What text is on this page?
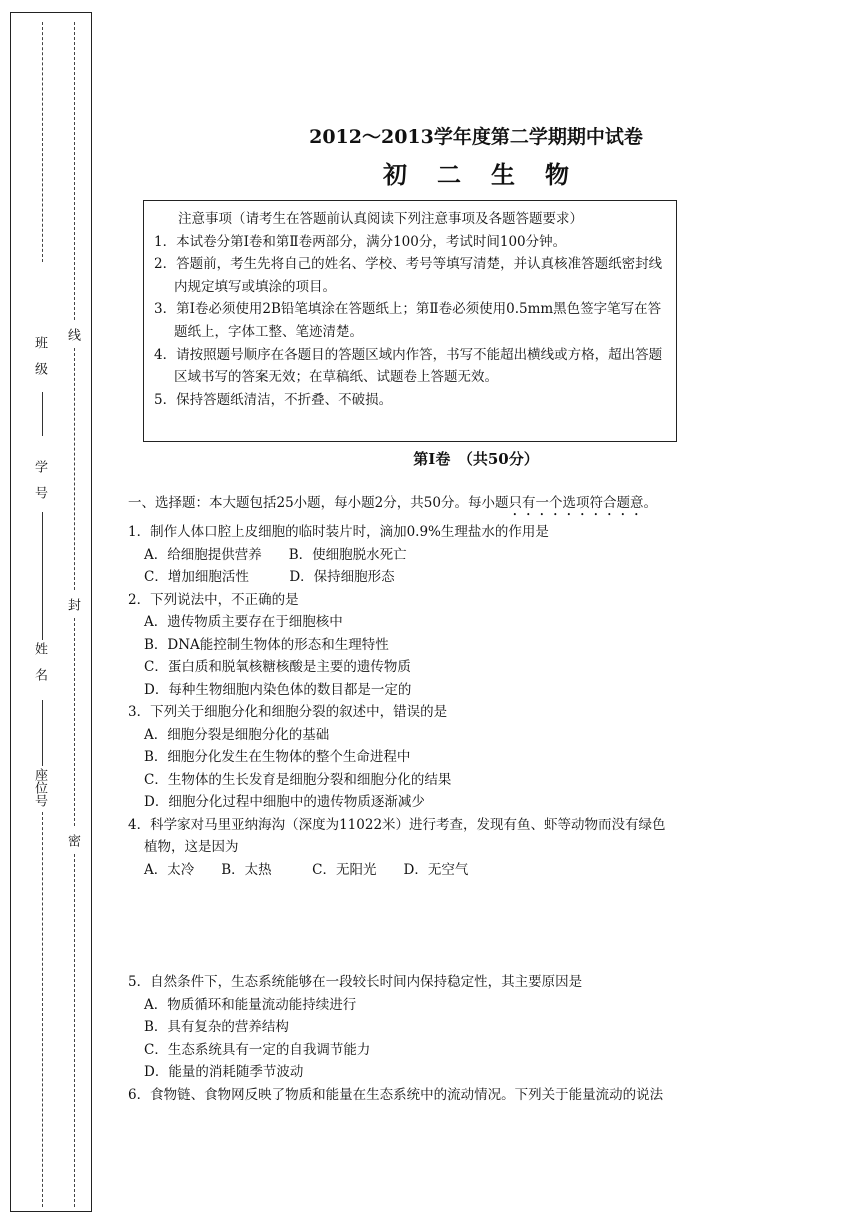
班　级
学　号
姓　名
座位号
线
封
密
2012～2013学年度第二学期期中试卷
初二生物
注意事项（请考生在答题前认真阅读下列注意事项及各题答题要求）
1．本试卷分第Ⅰ卷和第Ⅱ卷两部分，满分100分，考试时间100分钟。
2．答题前，考生先将自己的姓名、学校、考号等填写清楚，并认真核准答题纸密封线内规定填写或填涂的项目。
3．第Ⅰ卷必须使用2B铅笔填涂在答题纸上；第Ⅱ卷必须使用0.5mm黑色签字笔写在答题纸上，字体工整、笔迹清楚。
4．请按照题号顺序在各题目的答题区域内作答，书写不能超出横线或方格，超出答题区域书写的答案无效；在草稿纸、试题卷上答题无效。
5．保持答题纸清洁，不折叠、不破损。
第Ⅰ卷　（共50分）
一、选择题：本大题包括25小题，每小题2分，共50分。每小题只有一个选项符合题意。

1．制作人体口腔上皮细胞的临时装片时，滴加0.9%生理盐水的作用是

A．给细胞提供营养　　B．使细胞脱水死亡
C．增加细胞活性　　　D．保持细胞形态

2．下列说法中，不正确的是

A．遗传物质主要存在于细胞核中
B．DNA能控制生物体的形态和生理特性
C．蛋白质和脱氧核糖核酸是主要的遗传物质
D．每种生物细胞内染色体的数目都是一定的

3．下列关于细胞分化和细胞分裂的叙述中，错误的是

A．细胞分裂是细胞分化的基础
B．细胞分化发生在生物体的整个生命进程中
C．生物体的生长发育是细胞分裂和细胞分化的结果
D．细胞分化过程中细胞中的遗传物质逐渐减少

4．科学家对马里亚纳海沟（深度为11022米）进行考查，发现有鱼、虾等动物而没有绿色

植物，这是因为
A．太冷　　B．太热　　　C．无阳光　　D．无空气

5．自然条件下，生态系统能够在一段较长时间内保持稳定性，其主要原因是

A．物质循环和能量流动能持续进行
B．具有复杂的营养结构
C．生态系统具有一定的自我调节能力
D．能量的消耗随季节波动

6．食物链、食物网反映了物质和能量在生态系统中的流动情况。下列关于能量流动的说法
